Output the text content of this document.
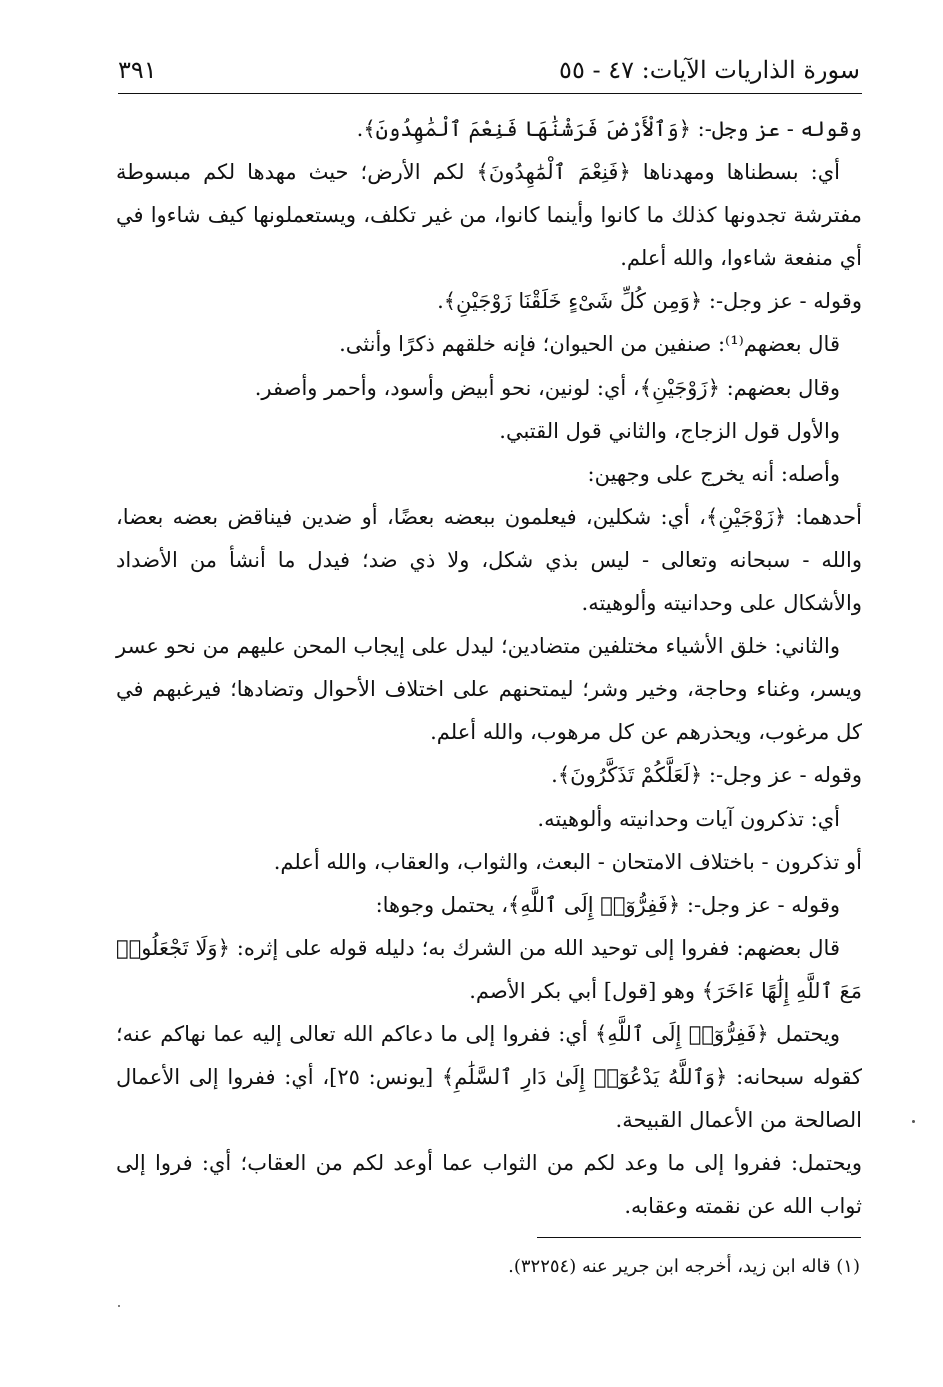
سورة الذاريات الآيات: ٤٧ - ٥٥
٣٩١

وقوله - عز وجل-: ﴿وَٱلْأَرْضَ فَرَشْنَٰهَا فَنِعْمَ ٱلْمَٰهِدُونَ﴾.

أي: بسطناها ومهدناها ﴿فَنِعْمَ ٱلْمَٰهِدُونَ﴾ لكم الأرض؛ حيث مهدها لكم مبسوطة مفترشة تجدونها كذلك ما كانوا وأينما كانوا، من غير تكلف، ويستعملونها كيف شاءوا في أي منفعة شاءوا، والله أعلم.

وقوله - عز وجل-: ﴿وَمِن كُلِّ شَىْءٍ خَلَقْنَا زَوْجَيْنِ﴾.

قال بعضهم⁽¹⁾: صنفين من الحيوان؛ فإنه خلقهم ذكرًا وأنثى.

وقال بعضهم: ﴿زَوْجَيْنِ﴾، أي: لونين، نحو أبيض وأسود، وأحمر وأصفر.

والأول قول الزجاج، والثاني قول القتبي.

وأصله: أنه يخرج على وجهين:

أحدهما: ﴿زَوْجَيْنِ﴾، أي: شكلين، فيعلمون ببعضه بعضًا، أو ضدين فيناقض بعضه بعضا، والله - سبحانه وتعالى - ليس بذي شكل، ولا ذي ضد؛ فيدل ما أنشأ من الأضداد والأشكال على وحدانيته وألوهيته.

والثاني: خلق الأشياء مختلفين متضادين؛ ليدل على إيجاب المحن عليهم من نحو عسر ويسر، وغناء وحاجة، وخير وشر؛ ليمتحنهم على اختلاف الأحوال وتضادها؛ فيرغبهم في كل مرغوب، ويحذرهم عن كل مرهوب، والله أعلم.

وقوله - عز وجل-: ﴿لَعَلَّكُمْ تَذَكَّرُونَ﴾.

أي: تذكرون آيات وحدانيته وألوهيته.

أو تذكرون - باختلاف الامتحان - البعث، والثواب، والعقاب، والله أعلم.

وقوله - عز وجل-: ﴿فَفِرُّوٓا۟ إِلَى ٱللَّهِ﴾، يحتمل وجوها:

قال بعضهم: ففروا إلى توحيد الله من الشرك به؛ دليله قوله على إثره: ﴿وَلَا تَجْعَلُوا۟ مَعَ ٱللَّهِ إِلَٰهًا ءَاخَرَ﴾ وهو [قول] أبي بكر الأصم.

ويحتمل ﴿فَفِرُّوٓا۟ إِلَى ٱللَّهِ﴾ أي: ففروا إلى ما دعاكم الله تعالى إليه عما نهاكم عنه؛ كقوله سبحانه: ﴿وَٱللَّهُ يَدْعُوٓا۟ إِلَىٰ دَارِ ٱلسَّلَٰمِ﴾ [يونس: ٢٥]، أي: ففروا إلى الأعمال الصالحة من الأعمال القبيحة.

ويحتمل: ففروا إلى ما وعد لكم من الثواب عما أوعد لكم من العقاب؛ أي: فروا إلى ثواب الله عن نقمته وعقابه.

(١) قاله ابن زيد، أخرجه ابن جرير عنه (٣٢٢٥٤).
